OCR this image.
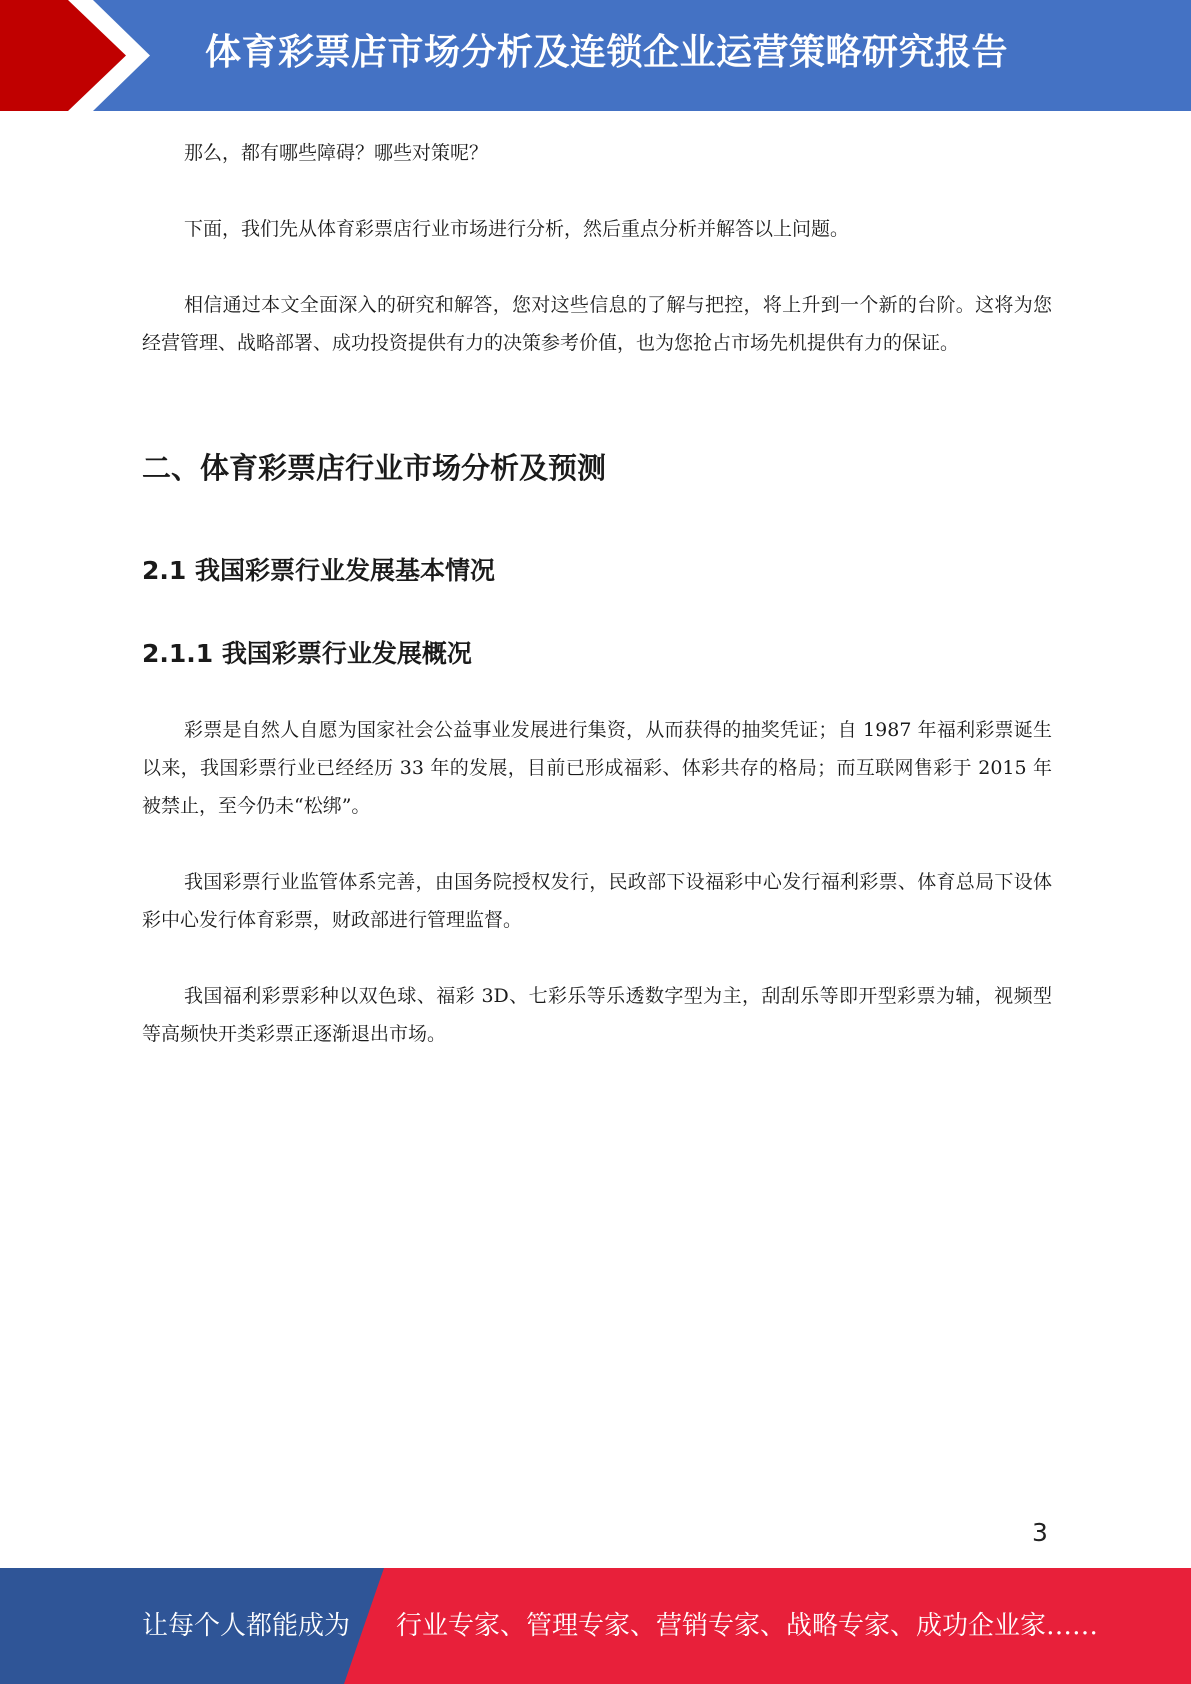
体育彩票店市场分析及连锁企业运营策略研究报告

那么，都有哪些障碍？哪些对策呢？

下面，我们先从体育彩票店行业市场进行分析，然后重点分析并解答以上问题。

相信通过本文全面深入的研究和解答，您对这些信息的了解与把控，将上升到一个新的台阶。这将为您经营管理、战略部署、成功投资提供有力的决策参考价值，也为您抢占市场先机提供有力的保证。

二、体育彩票店行业市场分析及预测
2.1 我国彩票行业发展基本情况
2.1.1 我国彩票行业发展概况

彩票是自然人自愿为国家社会公益事业发展进行集资，从而获得的抽奖凭证；自 1987 年福利彩票诞生以来，我国彩票行业已经经历 33 年的发展，目前已形成福彩、体彩共存的格局；而互联网售彩于 2015 年被禁止，至今仍未“松绑”。

我国彩票行业监管体系完善，由国务院授权发行，民政部下设福彩中心发行福利彩票、体育总局下设体彩中心发行体育彩票，财政部进行管理监督。

我国福利彩票彩种以双色球、福彩 3D、七彩乐等乐透数字型为主，刮刮乐等即开型彩票为辅，视频型等高频快开类彩票正逐渐退出市场。

3
让每个人都能成为 行业专家、管理专家、营销专家、战略专家、成功企业家……
